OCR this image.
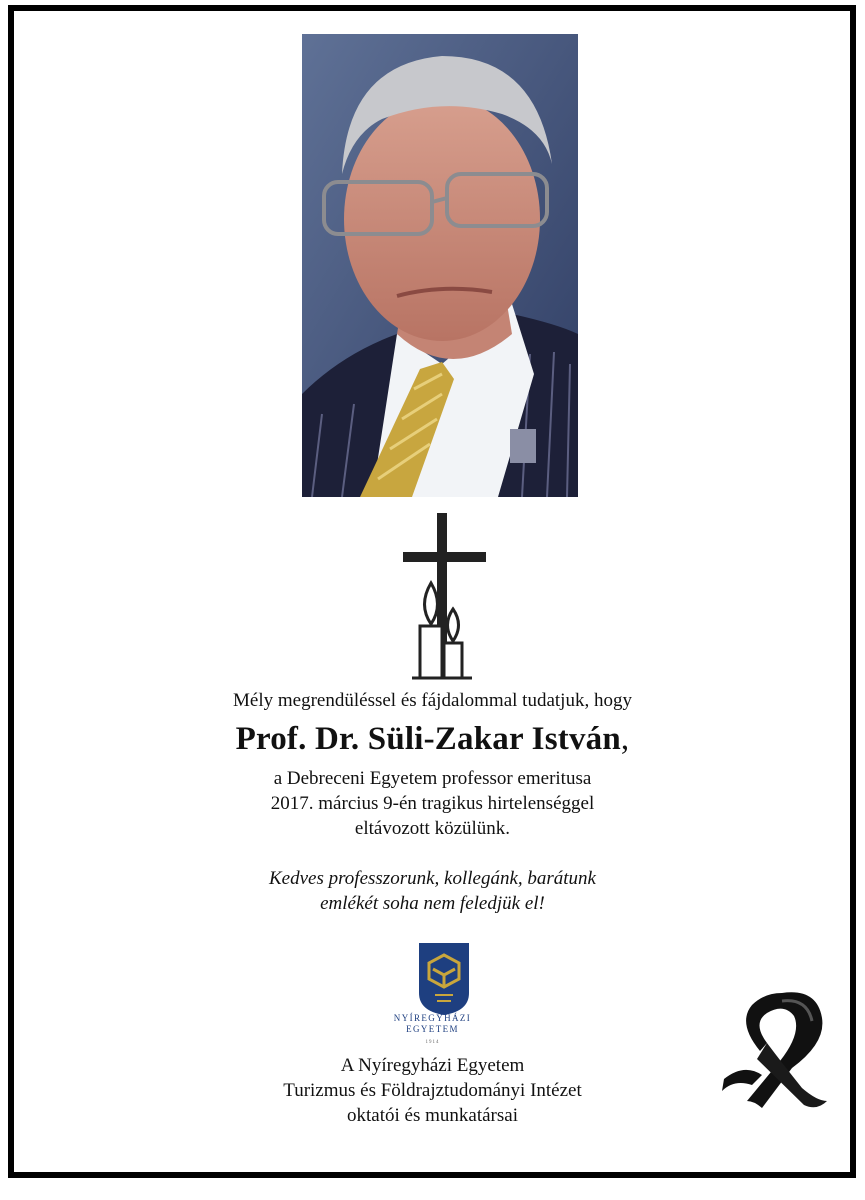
Mély megrendüléssel és fájdalommal tudatjuk, hogy
Prof. Dr. Süli-Zakar István,
a Debreceni Egyetem professor emeritusa
2017. március 9-én tragikus hirtelenséggel
eltávozott közülünk.
Kedves professzorunk, kollegánk, barátunk
emlékét soha nem feledjük el!
NYÍREGYHÁZI
EGYETEM
1914
A Nyíregyházi Egyetem
Turizmus és Földrajztudományi Intézet
oktatói és munkatársai
